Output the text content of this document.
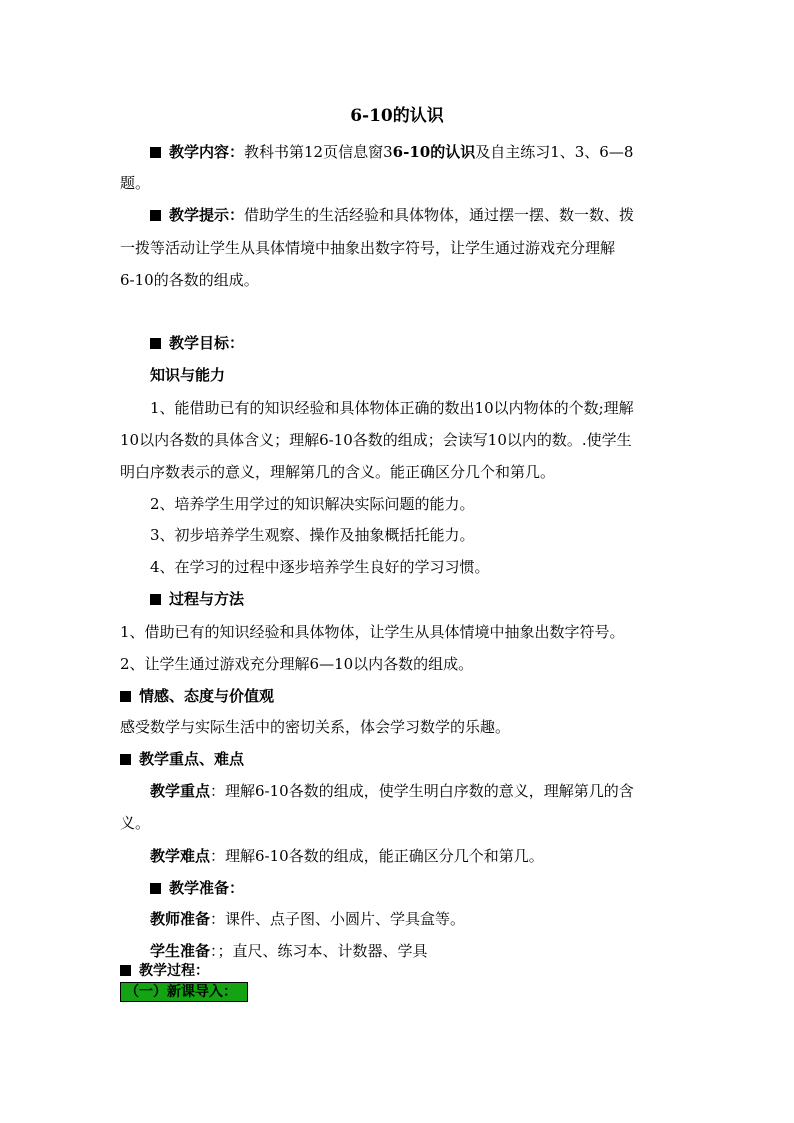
6-10的认识
教学内容：教科书第12页信息窗36-10的认识及自主练习1、3、6—8
题。
教学提示：借助学生的生活经验和具体物体，通过摆一摆、数一数、拨
一拨等活动让学生从具体情境中抽象出数字符号，让学生通过游戏充分理解
6-10的各数的组成。
教学目标：
知识与能力
1、能借助已有的知识经验和具体物体正确的数出10以内物体的个数;理解
10以内各数的具体含义；理解6-10各数的组成；会读写10以内的数。.使学生
明白序数表示的意义，理解第几的含义。能正确区分几个和第几。
2、培养学生用学过的知识解决实际问题的能力。
3、初步培养学生观察、操作及抽象概括托能力。
4、在学习的过程中逐步培养学生良好的学习习惯。
过程与方法
1、借助已有的知识经验和具体物体，让学生从具体情境中抽象出数字符号。
2、让学生通过游戏充分理解6—10以内各数的组成。
情感、态度与价值观
感受数学与实际生活中的密切关系，体会学习数学的乐趣。
教学重点、难点
教学重点：理解6-10各数的组成，使学生明白序数的意义，理解第几的含
义。
教学难点：理解6-10各数的组成，能正确区分几个和第几。
教学准备：
教师准备：课件、点子图、小圆片、学具盒等。
学生准备：；直尺、练习本、计数器、学具
教学过程：
（一）新课导入：
